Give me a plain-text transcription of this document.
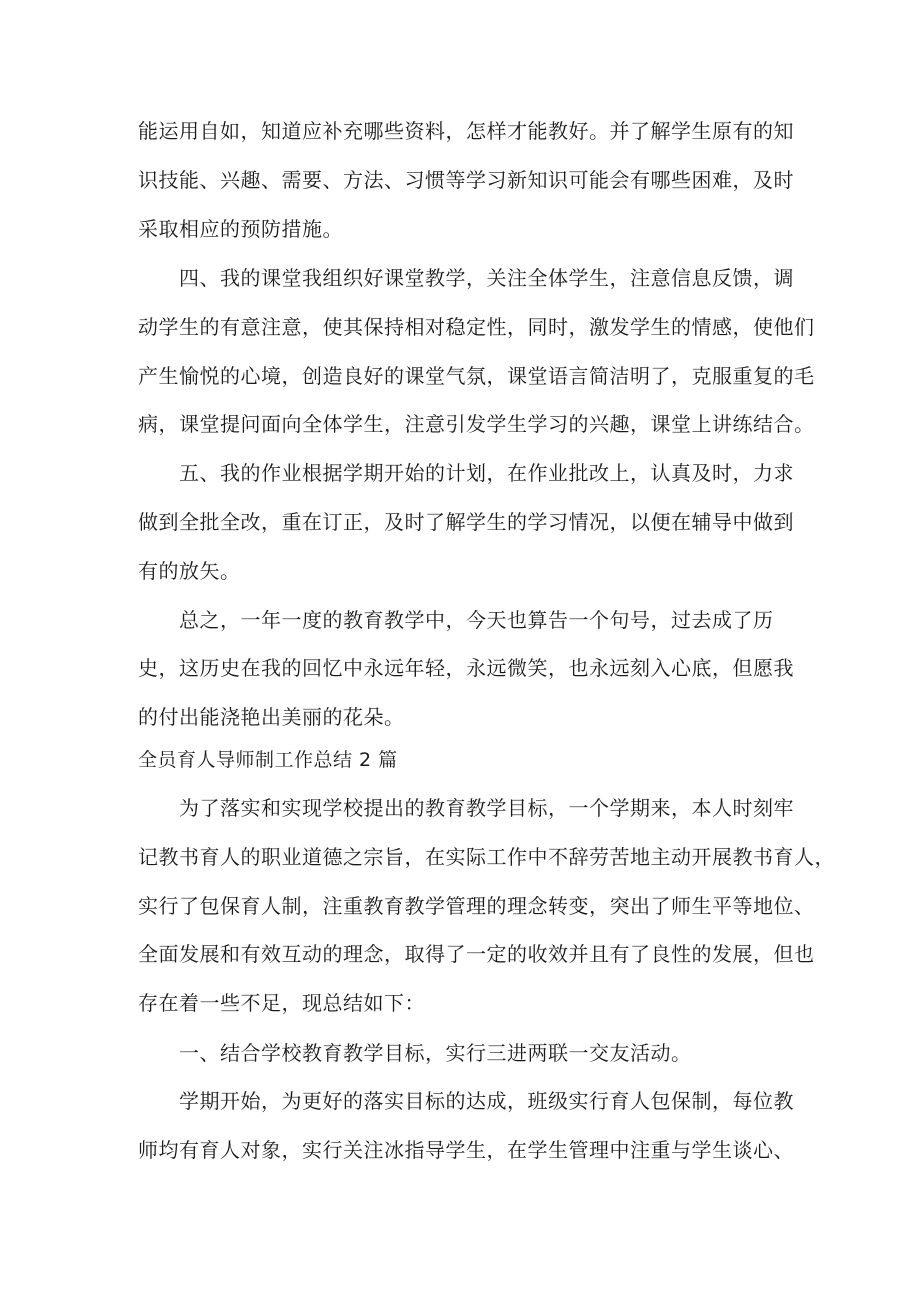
能运用自如，知道应补充哪些资料，怎样才能教好。并了解学生原有的知
识技能、兴趣、需要、方法、习惯等学习新知识可能会有哪些困难，及时
采取相应的预防措施。
四、我的课堂我组织好课堂教学，关注全体学生，注意信息反馈，调
动学生的有意注意，使其保持相对稳定性，同时，激发学生的情感，使他们
产生愉悦的心境，创造良好的课堂气氛，课堂语言简洁明了，克服重复的毛
病，课堂提问面向全体学生，注意引发学生学习的兴趣，课堂上讲练结合。
五、我的作业根据学期开始的计划，在作业批改上，认真及时，力求
做到全批全改，重在订正，及时了解学生的学习情况，以便在辅导中做到
有的放矢。
总之，一年一度的教育教学中，今天也算告一个句号，过去成了历
史，这历史在我的回忆中永远年轻，永远微笑，也永远刻入心底，但愿我
的付出能浇艳出美丽的花朵。
全员育人导师制工作总结 2 篇
为了落实和实现学校提出的教育教学目标，一个学期来，本人时刻牢
记教书育人的职业道德之宗旨，在实际工作中不辞劳苦地主动开展教书育人，
实行了包保育人制，注重教育教学管理的理念转变，突出了师生平等地位、
全面发展和有效互动的理念，取得了一定的收效并且有了良性的发展，但也
存在着一些不足，现总结如下：
一、结合学校教育教学目标，实行三进两联一交友活动。
学期开始，为更好的落实目标的达成，班级实行育人包保制，每位教
师均有育人对象，实行关注冰指导学生，在学生管理中注重与学生谈心、
